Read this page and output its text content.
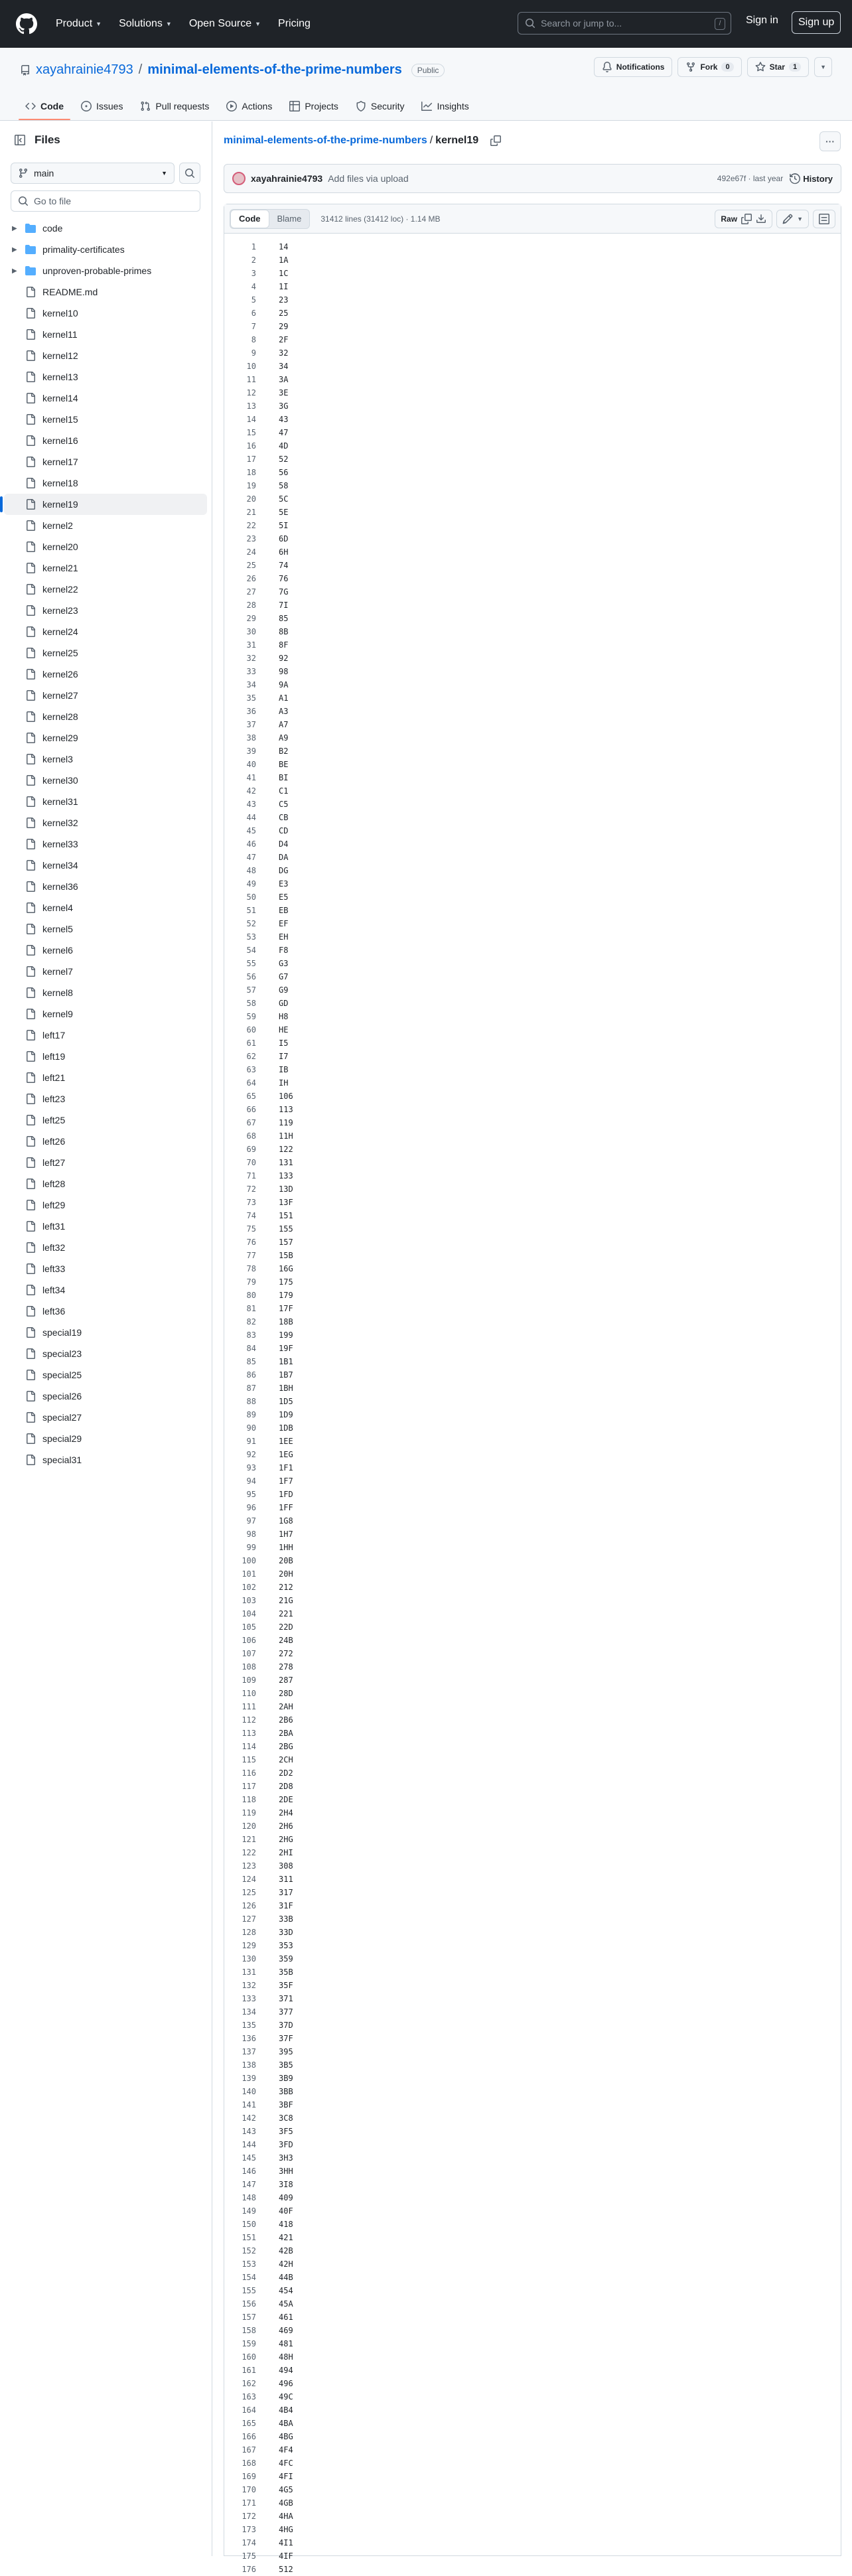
Product ▼ Solutions ▼ Open Source ▼ Pricing	Search or jump to...	/	Sign in	Sign up
xayahrainie4793 / minimal-elements-of-the-prime-numbers	Public	Notifications	Fork	0	Star	1	▼
Code	Issues	Pull requests	Actions	Projects	Security	Insights
Files
main	▼
Go to file
▶	code
▶	primality-certificates
▶	unproven-probable-primes
README.md
kernel10
kernel11
kernel12
kernel13
kernel14
kernel15
kernel16
kernel17
kernel18
kernel19
kernel2
kernel20
kernel21
kernel22
kernel23
kernel24
kernel25
kernel26
kernel27
kernel28
kernel29
kernel3
kernel30
kernel31
kernel32
kernel33
kernel34
kernel36
kernel4
kernel5
kernel6
kernel7
kernel8
kernel9
left17
left19
left21
left23
left25
left26
left27
left28
left29
left31
left32
left33
left34
left36
special19
special23
special25
special26
special27
special29
special31
minimal-elements-of-the-prime-numbers / kernel19	···
xayahrainie4793 Add files via upload	492e67f · last year History
Code	Blame	31412 lines (31412 loc) · 1.14 MB	Raw	▼
1	14
2	1A
3	1C
4	1I
5	23
6	25
7	29
8	2F
9	32
10	34
11	3A
12	3E
13	3G
14	43
15	47
16	4D
17	52
18	56
19	58
20	5C
21	5E
22	5I
23	6D
24	6H
25	74
26	76
27	7G
28	7I
29	85
30	8B
31	8F
32	92
33	98
34	9A
35	A1
36	A3
37	A7
38	A9
39	B2
40	BE
41	BI
42	C1
43	C5
44	CB
45	CD
46	D4
47	DA
48	DG
49	E3
50	E5
51	EB
52	EF
53	EH
54	F8
55	G3
56	G7
57	G9
58	GD
59	H8
60	HE
61	I5
62	I7
63	IB
64	IH
65	106
66	113
67	119
68	11H
69	122
70	131
71	133
72	13D
73	13F
74	151
75	155
76	157
77	15B
78	16G
79	175
80	179
81	17F
82	18B
83	199
84	19F
85	1B1
86	1B7
87	1BH
88	1D5
89	1D9
90	1DB
91	1EE
92	1EG
93	1F1
94	1F7
95	1FD
96	1FF
97	1G8
98	1H7
99	1HH
100	20B
101	20H
102	212
103	21G
104	221
105	22D
106	24B
107	272
108	278
109	287
110	28D
111	2AH
112	2B6
113	2BA
114	2BG
115	2CH
116	2D2
117	2D8
118	2DE
119	2H4
120	2H6
121	2HG
122	2HI
123	308
124	311
125	317
126	31F
127	33B
128	33D
129	353
130	359
131	35B
132	35F
133	371
134	377
135	37D
136	37F
137	395
138	3B5
139	3B9
140	3BB
141	3BF
142	3C8
143	3F5
144	3FD
145	3H3
146	3HH
147	3I8
148	409
149	40F
150	418
151	421
152	42B
153	42H
154	44B
155	454
156	45A
157	461
158	469
159	481
160	48H
161	494
162	496
163	49C
164	4B4
165	4BA
166	4BG
167	4F4
168	4FC
169	4FI
170	4G5
171	4GB
172	4HA
173	4HG
174	4I1
175	4IF
176	512
